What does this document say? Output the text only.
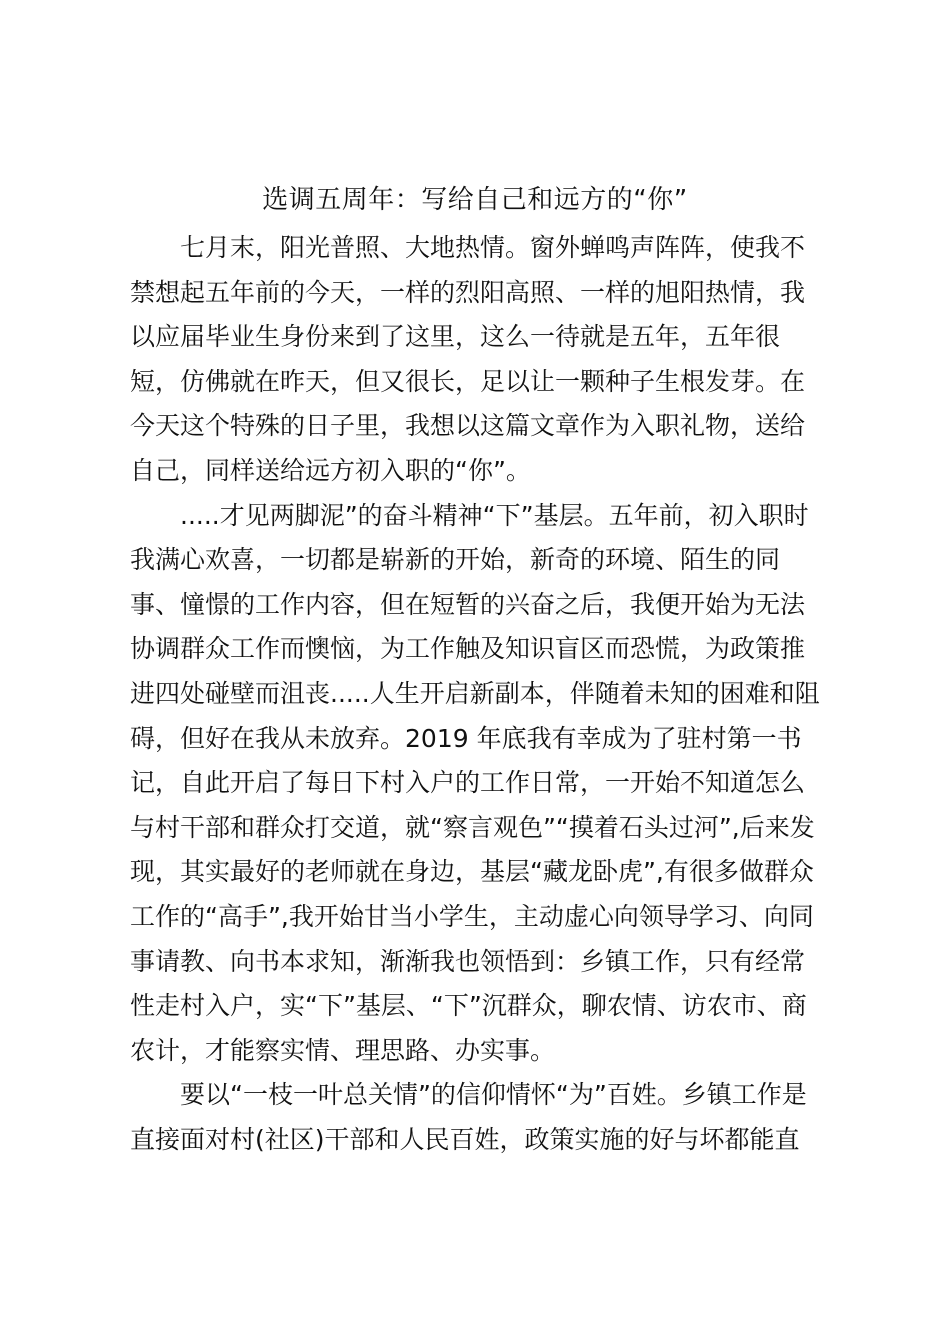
选调五周年：写给自己和远方的“你”
七月末，阳光普照、大地热情。窗外蝉鸣声阵阵，使我不
禁想起五年前的今天，一样的烈阳高照、一样的旭阳热情，我
以应届毕业生身份来到了这里，这么一待就是五年，五年很
短，仿佛就在昨天，但又很长，足以让一颗种子生根发芽。在
今天这个特殊的日子里，我想以这篇文章作为入职礼物，送给
自己，同样送给远方初入职的“你”。
.....才见两脚泥”的奋斗精神“下”基层。五年前，初入职时
我满心欢喜，一切都是崭新的开始，新奇的环境、陌生的同
事、憧憬的工作内容，但在短暂的兴奋之后，我便开始为无法
协调群众工作而懊恼，为工作触及知识盲区而恐慌，为政策推
进四处碰壁而沮丧.....人生开启新副本，伴随着未知的困难和阻
碍，但好在我从未放弃。2019 年底我有幸成为了驻村第一书
记，自此开启了每日下村入户的工作日常，一开始不知道怎么
与村干部和群众打交道，就“察言观色”“摸着石头过河”,后来发
现，其实最好的老师就在身边，基层“藏龙卧虎”,有很多做群众
工作的“高手”,我开始甘当小学生，主动虚心向领导学习、向同
事请教、向书本求知，渐渐我也领悟到：乡镇工作，只有经常
性走村入户，实“下”基层、“下”沉群众，聊农情、访农市、商
农计，才能察实情、理思路、办实事。
要以“一枝一叶总关情”的信仰情怀“为”百姓。乡镇工作是
直接面对村(社区)干部和人民百姓，政策实施的好与坏都能直
